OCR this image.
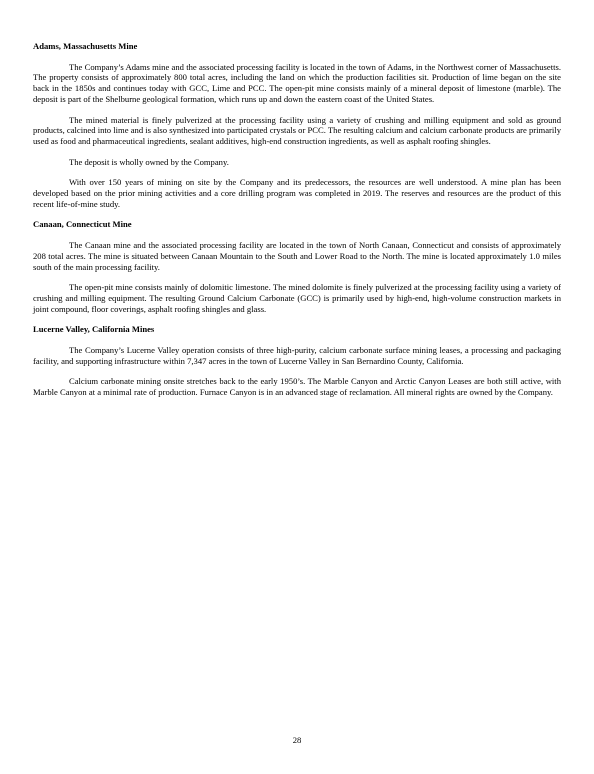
Adams, Massachusetts Mine

The Company’s Adams mine and the associated processing facility is located in the town of Adams, in the Northwest corner of Massachusetts. The property consists of approximately 800 total acres, including the land on which the production facilities sit. Production of lime began on the site back in the 1850s and continues today with GCC, Lime and PCC. The open-pit mine consists mainly of a mineral deposit of limestone (marble). The deposit is part of the Shelburne geological formation, which runs up and down the eastern coast of the United States.

The mined material is finely pulverized at the processing facility using a variety of crushing and milling equipment and sold as ground products, calcined into lime and is also synthesized into participated crystals or PCC. The resulting calcium and calcium carbonate products are primarily used as food and pharmaceutical ingredients, sealant additives, high-end construction ingredients, as well as asphalt roofing shingles.

The deposit is wholly owned by the Company.

With over 150 years of mining on site by the Company and its predecessors, the resources are well understood. A mine plan has been developed based on the prior mining activities and a core drilling program was completed in 2019. The reserves and resources are the product of this recent life-of-mine study.

Canaan, Connecticut Mine

The Canaan mine and the associated processing facility are located in the town of North Canaan, Connecticut and consists of approximately 208 total acres. The mine is situated between Canaan Mountain to the South and Lower Road to the North. The mine is located approximately 1.0 miles south of the main processing facility.

The open-pit mine consists mainly of dolomitic limestone. The mined dolomite is finely pulverized at the processing facility using a variety of crushing and milling equipment. The resulting Ground Calcium Carbonate (GCC) is primarily used by high-end, high-volume construction markets in joint compound, floor coverings, asphalt roofing shingles and glass.

Lucerne Valley, California Mines

The Company’s Lucerne Valley operation consists of three high-purity, calcium carbonate surface mining leases, a processing and packaging facility, and supporting infrastructure within 7,347 acres in the town of Lucerne Valley in San Bernardino County, California.

Calcium carbonate mining onsite stretches back to the early 1950’s. The Marble Canyon and Arctic Canyon Leases are both still active, with Marble Canyon at a minimal rate of production. Furnace Canyon is in an advanced stage of reclamation. All mineral rights are owned by the Company.

28
